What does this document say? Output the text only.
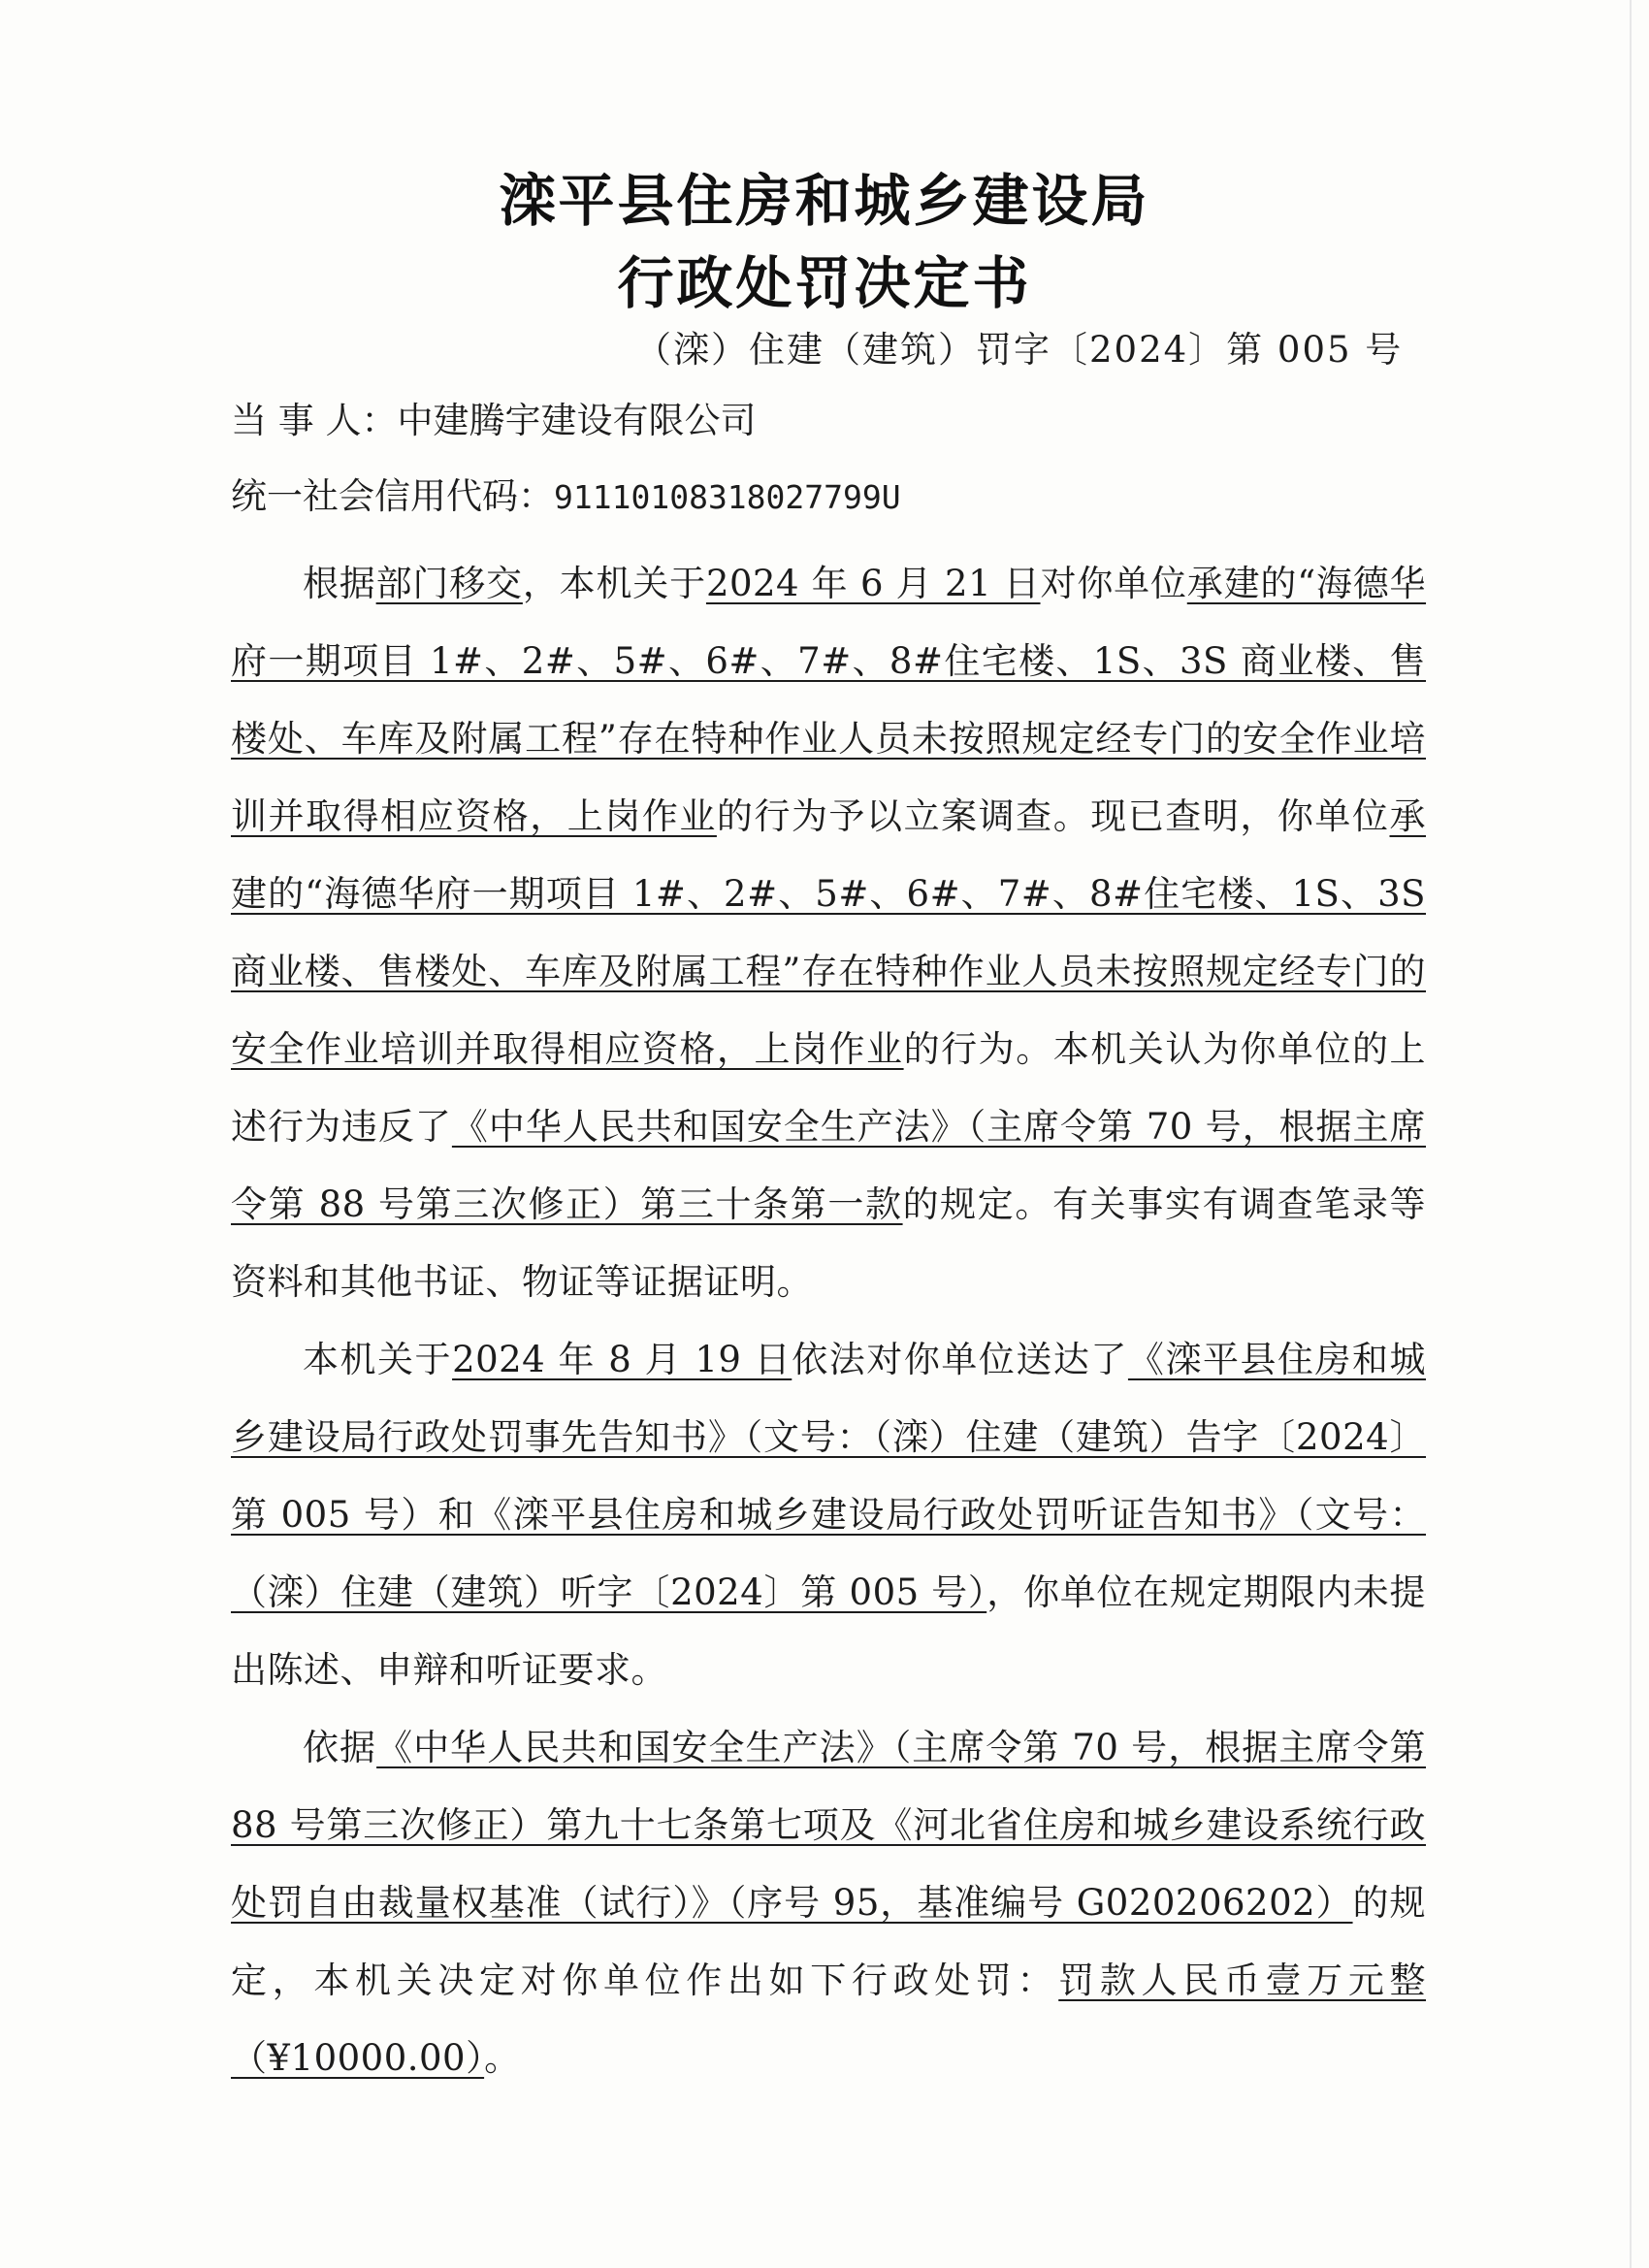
滦平县住房和城乡建设局
行政处罚决定书
（滦）住建（建筑）罚字〔2024〕第 005 号
当 事 人：中建腾宇建设有限公司
统一社会信用代码：91110108318027799U

根据部门移交，本机关于2024 年 6 月 21 日对你单位承建的“海德华府一期项目 1#、2#、5#、6#、7#、8#住宅楼、1S、3S 商业楼、售楼处、车库及附属工程”存在特种作业人员未按照规定经专门的安全作业培训并取得相应资格，上岗作业的行为予以立案调查。现已查明，你单位承建的“海德华府一期项目 1#、2#、5#、6#、7#、8#住宅楼、1S、3S 商业楼、售楼处、车库及附属工程”存在特种作业人员未按照规定经专门的安全作业培训并取得相应资格，上岗作业的行为。本机关认为你单位的上述行为违反了《中华人民共和国安全生产法》（主席令第 70 号，根据主席令第 88 号第三次修正）第三十条第一款的规定。有关事实有调查笔录等资料和其他书证、物证等证据证明。

本机关于2024 年 8 月 19 日依法对你单位送达了《滦平县住房和城乡建设局行政处罚事先告知书》（文号：（滦）住建（建筑）告字〔2024〕第 005 号）和《滦平县住房和城乡建设局行政处罚听证告知书》（文号：（滦）住建（建筑）听字〔2024〕第 005 号），你单位在规定期限内未提出陈述、申辩和听证要求。

依据《中华人民共和国安全生产法》（主席令第 70 号，根据主席令第 88 号第三次修正）第九十七条第七项及《河北省住房和城乡建设系统行政处罚自由裁量权基准（试行）》（序号 95，基准编号 G020206202）的规定，本机关决定对你单位作出如下行政处罚：罚款人民币壹万元整（¥10000.00）。
